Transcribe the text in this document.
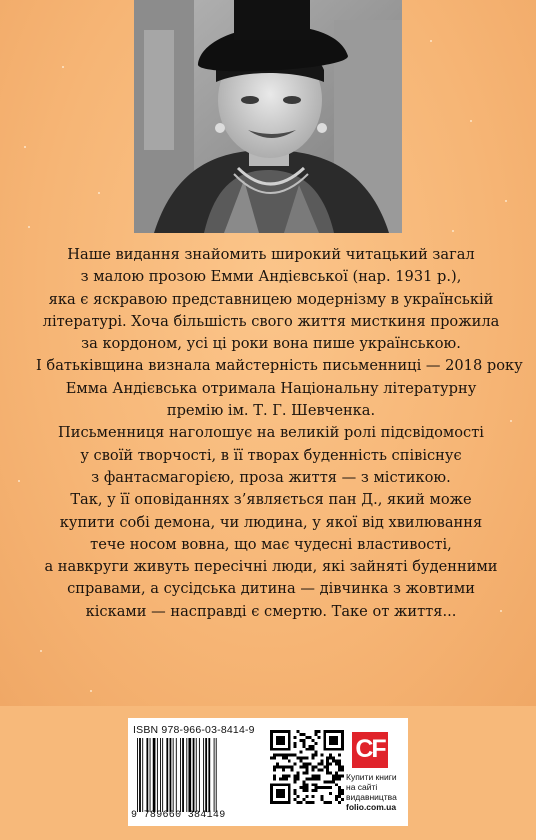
Наше видання знайомить широкий читацький загал
з малою прозою Емми Андієвської (нар. 1931 р.),
яка є яскравою представницею модернізму в українській
літературі. Хоча більшість свого життя мисткиня прожила
за кордоном, усі ці роки вона пише українською.
І батьківщина визнала майстерність письменниці — 2018 року
Емма Андієвська отримала Національну літературну
премію ім. Т. Г. Шевченка.
Письменниця наголошує на великій ролі підсвідомості
у своїй творчості, в її творах буденність співіснує
з фантасмагорією, проза життя — з містикою.
Так, у її оповіданнях з’являється пан Д., який може
купити собі демона, чи людина, у якої від хвилювання
тече носом вовна, що має чудесні властивості,
а навкруги живуть пересічні люди, які зайняті буденними
справами, а сусідська дитина — дівчинка з жовтими
кісками — насправді є смертю. Таке от життя...
ISBN 978-966-03-8414-9
9 789660 384149
CF
Купити книги
на сайті
видавництва
folio.com.ua
